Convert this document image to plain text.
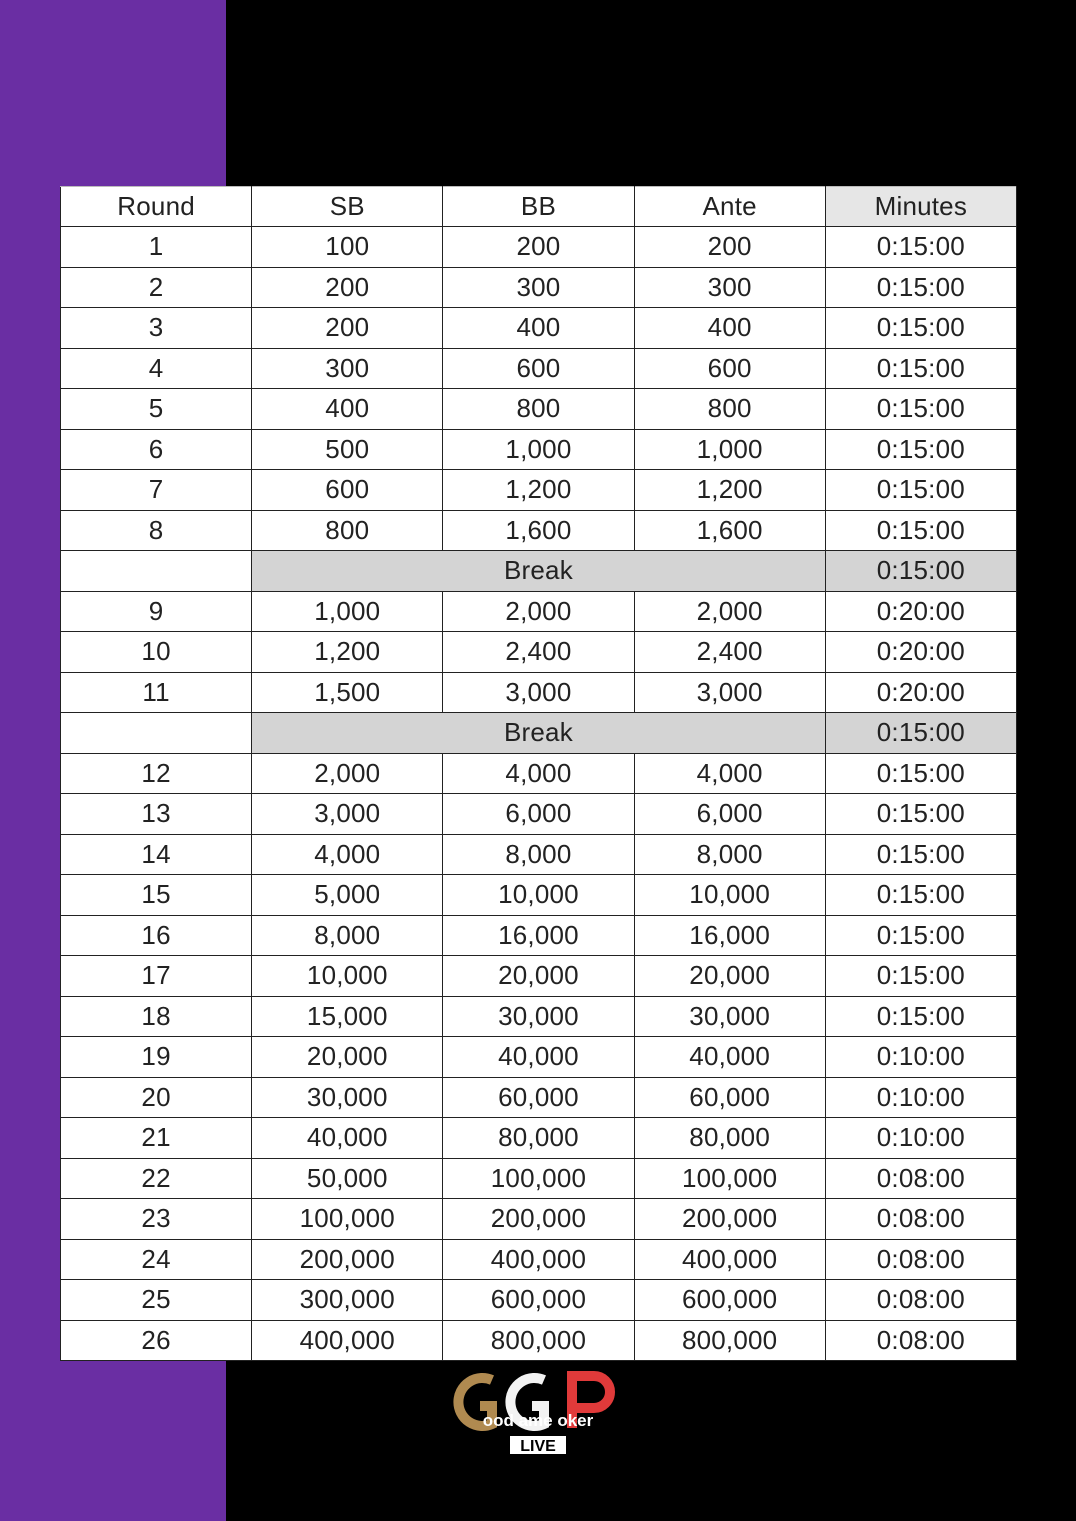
Round	SB	BB	Ante	Minutes
1	100	200	200	0:15:00
2	200	300	300	0:15:00
3	200	400	400	0:15:00
4	300	600	600	0:15:00
5	400	800	800	0:15:00
6	500	1,000	1,000	0:15:00
7	600	1,200	1,200	0:15:00
8	800	1,600	1,600	0:15:00
	Break			0:15:00
9	1,000	2,000	2,000	0:20:00
10	1,200	2,400	2,400	0:20:00
11	1,500	3,000	3,000	0:20:00
	Break			0:15:00
12	2,000	4,000	4,000	0:15:00
13	3,000	6,000	6,000	0:15:00
14	4,000	8,000	8,000	0:15:00
15	5,000	10,000	10,000	0:15:00
16	8,000	16,000	16,000	0:15:00
17	10,000	20,000	20,000	0:15:00
18	15,000	30,000	30,000	0:15:00
19	20,000	40,000	40,000	0:10:00
20	30,000	60,000	60,000	0:10:00
21	40,000	80,000	80,000	0:10:00
22	50,000	100,000	100,000	0:08:00
23	100,000	200,000	200,000	0:08:00
24	200,000	400,000	400,000	0:08:00
25	300,000	600,000	600,000	0:08:00
26	400,000	800,000	800,000	0:08:00
ood ame oker
LIVE
